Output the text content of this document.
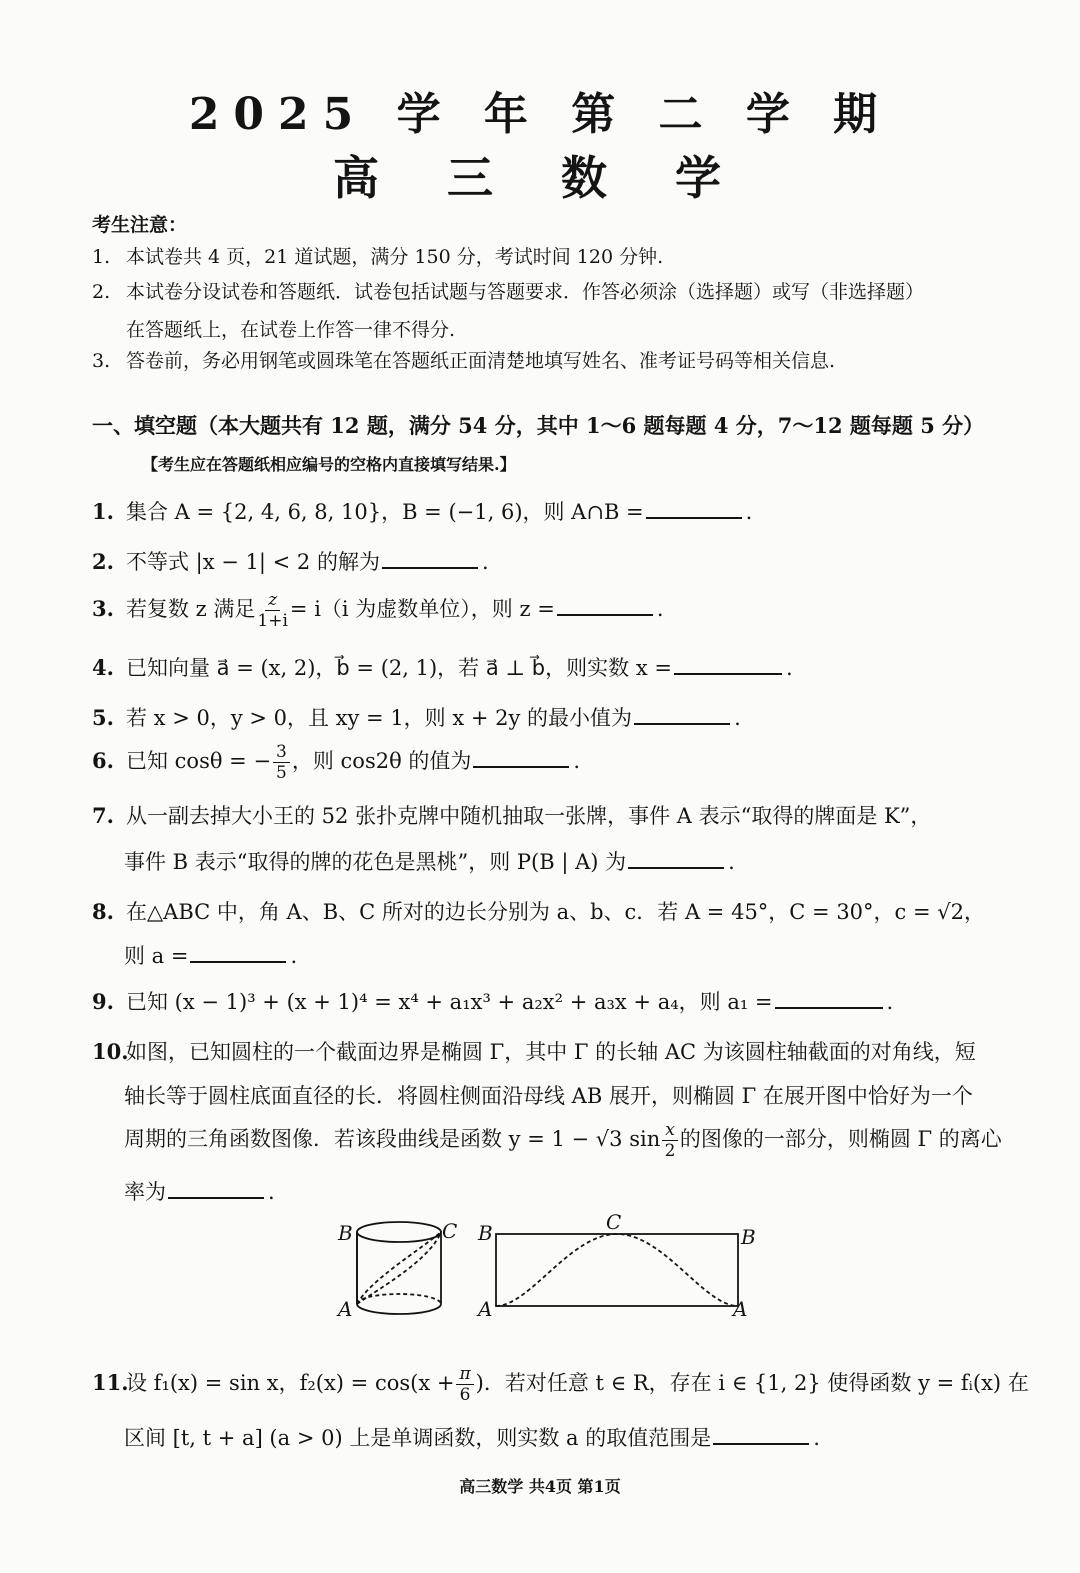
2025 学 年 第 二 学 期
高 三 数 学
考生注意：
1. 本试卷共 4 页，21 道试题，满分 150 分，考试时间 120 分钟.
2. 本试卷分设试卷和答题纸．试卷包括试题与答题要求．作答必须涂（选择题）或写（非选择题）
在答题纸上，在试卷上作答一律不得分.
3. 答卷前，务必用钢笔或圆珠笔在答题纸正面清楚地填写姓名、准考证号码等相关信息.
一、填空题（本大题共有 12 题，满分 54 分，其中 1～6 题每题 4 分，7～12 题每题 5 分）
【考生应在答题纸相应编号的空格内直接填写结果.】
1. 集合 A = {2, 4, 6, 8, 10}，B = (−1, 6)，则 A∩B =	.
2. 不等式 |x − 1| < 2 的解为	.
3. 若复数 z 满足 $\frac{z}{1+i} = i(i$ 为虚数单位），则 z =	.
4. 已知向量 a⃗ = (x, 2)，b⃗ = (2, 1)，若 a⃗ ⊥ b⃗，则实数 x =	.
5. 若 x > 0，y > 0，且 xy = 1，则 x + 2y 的最小值为	.
6. 已知 cosθ = − $\frac{3}{5}$ ，则 cos2θ 的值为	.
7. 从一副去掉大小王的 52 张扑克牌中随机抽取一张牌，事件 A 表示“取得的牌面是 K”，
事件 B 表示“取得的牌的花色是黑桃”，则 P(B | A) 为	.
8. 在△ABC 中，角 A、B、C 所对的边长分别为 a、b、c．若 A = 45°，C = 30°，c = √2，
则 a =	.
9. 已知 (x − 1)³ + (x + 1)⁴ = x⁴ + a₁x³ + a₂x² + a₃x + a₄，则 a₁ =	.
10.如图，已知圆柱的一个截面边界是椭圆 Γ，其中 Γ 的长轴 AC 为该圆柱轴截面的对角线，短
轴长等于圆柱底面直径的长．将圆柱侧面沿母线 AB 展开，则椭圆 Γ 在展开图中恰好为一个
周期的三角函数图像．若该段曲线是函数 y = 1 − √3 $\sin \frac{x}{2}$ 的图像的一部分，则椭圆 Γ 的离心
率为	.
B	C
A
B	C
B
A	A
11.设 f₁(x) = sin x，$f_2(x) = \cos(x + \frac{\pi}{6}$ )．若对任意 t ∈ R，存在 i ∈ {1, 2} 使得函数 y = fᵢ(x) 在
区间 [t, t + a] (a > 0) 上是单调函数，则实数 a 的取值范围是	.
高三数学 共4页 第1页
